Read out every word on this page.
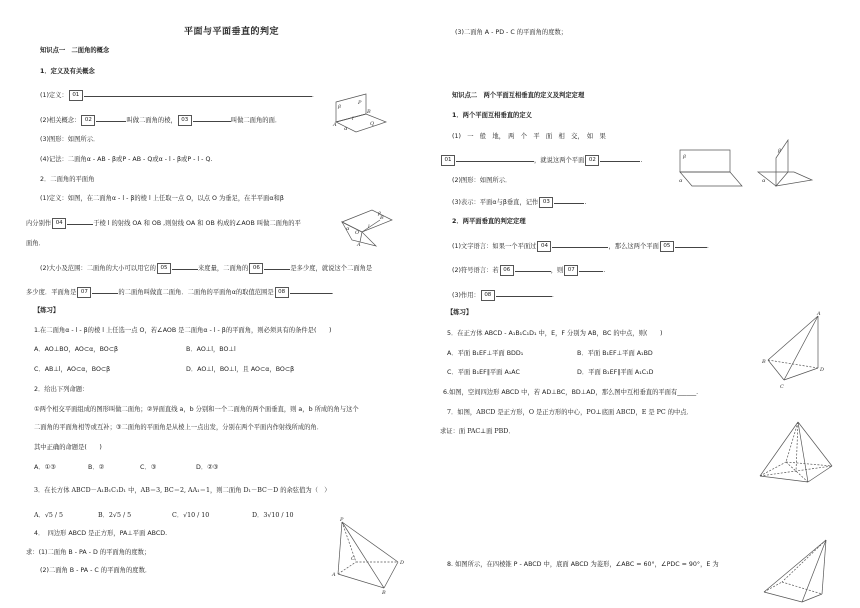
平面与平面垂直的判定
知识点一　二面角的概念
1．定义及有关概念
(1)定义： 01	.
(2)相关概念： 02	叫做二面角的棱， 03	叫做二面角的面．
(3)图形：如图所示．
(4)记法：二面角α - AB - β或P - AB - Q或α - l - β或P - l - Q.
2．二面角的平面角
(1)定义：如图，在二面角α - l - β的棱 l 上任取一点 O，以点 O 为垂足，在半平面α和β
内分别作 04	于棱 l 的射线 OA 和 OB ,则射线 OA 和 OB 构成的∠AOB 叫做二面角的平
面角．
(2)大小及范围：二面角的大小可以用它的 05	来度量，二面角的 06	是多少度，就说这个二面角是
多少度．平面角是 07	的二面角叫做直二面角．二面角的平面角α的取值范围是 08	.
【练习】
1.在二面角α - l - β的棱 l 上任选一点 O，若∠AOB 是二面角α - l - β的平面角，则必须具有的条件是(　　)
A．AO⊥BO，AO⊂α，BO⊂β	B．AO⊥l，BO⊥l
C．AB⊥l，AO⊂α，BO⊂β	D．AO⊥l，BO⊥l，且 AO⊂α，BO⊂β
2．给出下列命题：
①两个相交平面组成的图形叫做二面角；②异面直线 a，b 分别和一个二面角的两个面垂直，则 a，b 所成的角与这个
二面角的平面角相等或互补；③二面角的平面角是从棱上一点出发，分别在两个平面内作射线所成的角．
其中正确的命题是(　　)
A．①③	B．②	C．③	D．②③
3．在长方体 ABCD－A₁B₁C₁D₁ 中，AB＝3, BC＝2, AA₁＝1，则二面角 D₁－BC－D 的余弦值为（　）
A．√5 / 5	B．2√5 / 5	C．√10 / 10	D．3√10 / 10
4．　四边形 ABCD 是正方形，PA⊥平面 ABCD.
求：(1)二面角 B - PA - D 的平面角的度数；
(2)二面角 B - PA - C 的平面角的度数．
β
P
A
B
l
Q
α
β
B
l
O
A
α
P
A
B
C
D
(3)二面角 A - PD - C 的平面角的度数；
知识点二　两个平面互相垂直的定义及判定定理
1．两个平面互相垂直的定义
(1)　一　般　地，　两　个　平　面　相　交，　如　果
01	，就说这两个平面 02	.
(2)图形：如图所示．
(3)表示：平面α与β垂直，记作 03	.
2．两平面垂直的判定定理
(1)文字语言：如果一个平面过 04	，那么这两个平面 05	.
(2)符号语言：若 06	，则 07	.
(3)作用： 08	.
【练习】
5．在正方体 ABCD - A₁B₁C₁D₁ 中，E，F 分别为 AB，BC 的中点，则(　　)
A．平面 B₁EF⊥平面 BDD₁	B．平面 B₁EF⊥平面 A₁BD
C．平面 B₁EF∥平面 A₁AC	D．平面 B₁EF∥平面 A₁C₁D
6.如图，空间四边形 ABCD 中，若 AD⊥BC，BD⊥AD，那么图中互相垂直的平面有______.
7．如图，ABCD 是正方形，O 是正方形的中心，PO⊥底面 ABCD，E 是 PC 的中点．
求证：面 PAC⊥面 PBD．
8. 如图所示，在四棱锥 P - ABCD 中，底面 ABCD 为菱形，∠ABC = 60°，∠PDC = 90°，E 为
β
α
β
α
A
B
D
C
